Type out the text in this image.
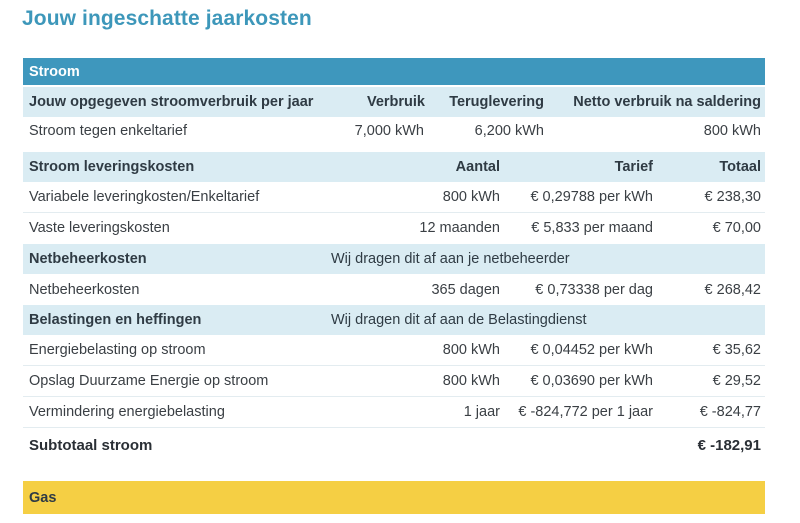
Jouw ingeschatte jaarkosten
Stroom
Jouw opgegeven stroomverbruik per jaar	Verbruik	Teruglevering	Netto verbruik na saldering
Stroom tegen enkeltarief	7,000 kWh	6,200 kWh	800 kWh
Stroom leveringskosten	Aantal	Tarief	Totaal
Variabele leveringkosten/Enkeltarief	800 kWh	€ 0,29788 per kWh	€ 238,30
Vaste leveringskosten	12 maanden	€ 5,833 per maand	€ 70,00
Netbeheerkosten	Wij dragen dit af aan je netbeheerder
Netbeheerkosten	365 dagen	€ 0,73338 per dag	€ 268,42
Belastingen en heffingen	Wij dragen dit af aan de Belastingdienst
Energiebelasting op stroom	800 kWh	€ 0,04452 per kWh	€ 35,62
Opslag Duurzame Energie op stroom	800 kWh	€ 0,03690 per kWh	€ 29,52
Vermindering energiebelasting	1 jaar	€ -824,772 per 1 jaar	€ -824,77
Subtotaal stroom	€ -182,91
Gas
